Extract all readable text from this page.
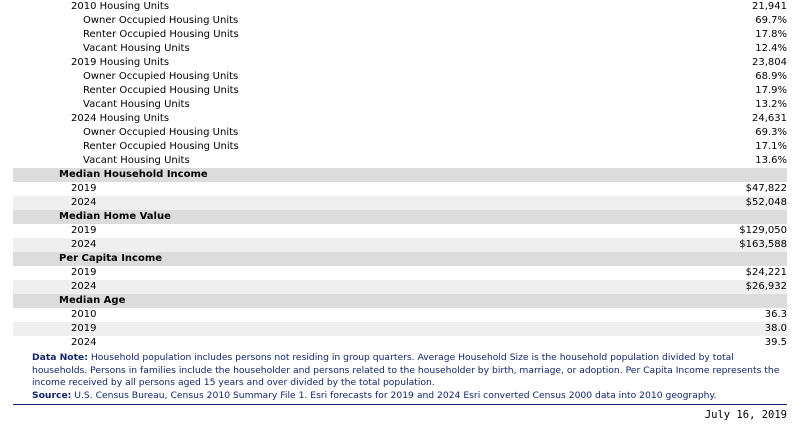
2010 Housing Units	21,941
Owner Occupied Housing Units	69.7%
Renter Occupied Housing Units	17.8%
Vacant Housing Units	12.4%
2019 Housing Units	23,804
Owner Occupied Housing Units	68.9%
Renter Occupied Housing Units	17.9%
Vacant Housing Units	13.2%
2024 Housing Units	24,631
Owner Occupied Housing Units	69.3%
Renter Occupied Housing Units	17.1%
Vacant Housing Units	13.6%
Median Household Income
2019	$47,822
2024	$52,048
Median Home Value
2019	$129,050
2024	$163,588
Per Capita Income
2019	$24,221
2024	$26,932
Median Age
2010	36.3
2019	38.0
2024	39.5
Data Note: Household population includes persons not residing in group quarters. Average Household Size is the household population divided by total households. Persons in families include the householder and persons related to the householder by birth, marriage, or adoption. Per Capita Income represents the income received by all persons aged 15 years and over divided by the total population.
Source: U.S. Census Bureau, Census 2010 Summary File 1. Esri forecasts for 2019 and 2024 Esri converted Census 2000 data into 2010 geography.
July 16, 2019
